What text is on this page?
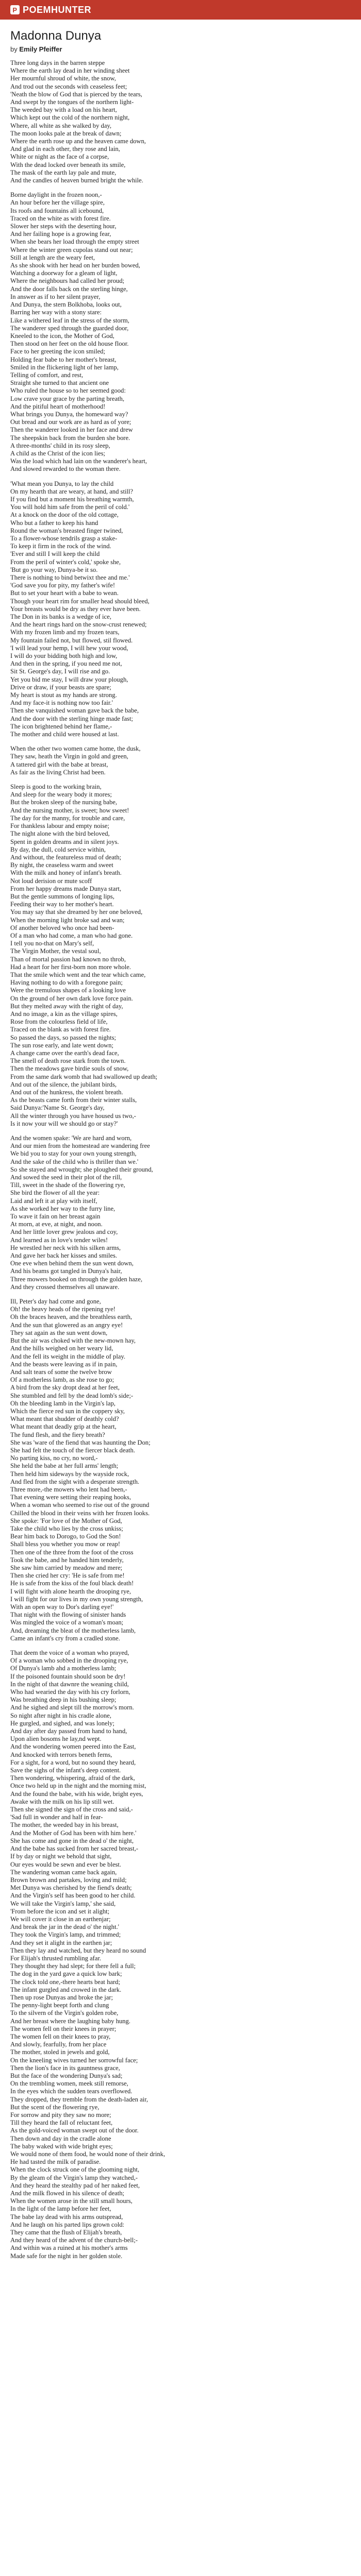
P POEMHUNTER
Madonna Dunya
by Emily Pfeiffer
Three long days in the barren steppe
Where the earth lay dead in her winding sheet
Her mournful shroud of white, the snow,
And trod out the seconds with ceaseless feet;
'Neath the blow of God that is pierced by the tears,
And swept by the tongues of the northern light-
The weeded bay with a load on his heart,
Which kept out the cold of the northern night,
Where, all white as she walked by day,
The moon looks pale at the break of dawn;
Where the earth rose up and the heaven came down,
And glad in each other, they rose and lain,
White or night as the face of a corpse,
With the dead locked over beneath its smile,
The mask of the earth lay pale and mute,
And the candles of heaven burned bright the while.
Borne daylight in the frozen noon,-
An hour before her the village spire,
Its roofs and fountains all icebound,
Traced on the white as with forest fire.
Slower her steps with the deserting hour,
And her failing hope is a growing fear,
When she bears her load through the empty street
Where the winter green cupolas stand out near;
Still at length are the weary feet,
As she shook with her head on her burden bowed,
Watching a doorway for a gleam of light,
Where the neighbours had called her proud;
And the door falls back on the sterling hinge,
In answer as if to her silent prayer,
And Dunya, the stern Bolkhoba, looks out,
Barring her way with a stony stare:
Like a withered leaf in the stress of the storm,
The wanderer sped through the guarded door,
Kneeled to the icon, the Mother of God,
Then stood on her feet on the old house floor.
Face to her greeting the icon smiled;
Holding fear babe to her mother's breast,
Smiled in the flickering light of her lamp,
Telling of comfort, and rest,
Straight she turned to that ancient one
Who ruled the house so to her seemed good:
Low crave your grace by the parting breath,
And the pitiful heart of motherhood!
What brings you Dunya, the homeward way?
Out bread and our work are as hard as of yore;
Then the wanderer looked in her face and drew
The sheepskin back from the burden she bore.
A three-months' child in its rosy sleep,
A child as the Christ of the icon lies;
Was the load which had lain on the wanderer's heart,
And slowed rewarded to the woman there.
'What mean you Dunya, to lay the child
On my hearth that are weary, at hand, and still?
If you find but a moment his breathing warmth,
You will hold him safe from the peril of cold.'
At a knock on the door of the old cottage,
Who but a father to keep his hand
Round the woman's breasted finger twined,
To a flower-whose tendrils grasp a stake-
To keep it firm in the rock of the wind.
'Ever and still I will keep the child
From the peril of winter's cold,' spoke she,
'But go your way, Dunya-be it so.
There is nothing to bind betwixt thee and me.'
'God save you for pity, my father's wife!
But to set your heart with a babe to wean.
Though your heart rim for smaller head should bleed,
Your breasts would be dry as they ever have been.
The Don in its banks is a wedge of ice,
And the heart rings hard on the snow-crust renewed;
With my frozen limb and my frozen tears,
My fountain failed not, but flowed, stil flowed.
'I will lead your hemp, I will hew your wood,
I will do your bidding both high and low,
And then in the spring, if you need me not,
Sit St. George's day, I will rise and go.
Yet you bid me stay, I will draw your plough,
Drive or draw, if your beasts are spare;
My heart is stout as my hands are strong.
And my face-it is nothing now too fair.'
Then she vanquished woman gave back the babe,
And the door with the sterling hinge made fast;
The icon brightened behind her flame,-
The mother and child were housed at last.
When the other two women came home, the dusk,
They saw, heath the Virgin in gold and green,
A tattered girl with the babe at breast,
As fair as the living Christ had been.
Sleep is good to the working brain,
And sleep for the weary body it mores;
But the broken sleep of the nursing babe,
And the nursing mother, is sweet; how sweet!
The day for the manny, for trouble and care,
For thankless labour and empty noise;
The night alone with the bird beloved,
Spent in golden dreams and in silent joys.
By day, the dull, cold service within,
And without, the featureless mud of death;
By night, the ceaseless warm and sweet
With the milk and honey of infant's breath.
Not loud derision or mute scoff
From her happy dreams made Dunya start,
But the gentle summons of longing lips,
Feeding their way to her mother's heart.
You may say that she dreamed by her one beloved,
When the morning light broke sad and wan;
Of another beloved who once had been-
Of a man who had come, a man who had gone.
I tell you no-that on Mary's self,
The Virgin Mother, the vestal soul,
Than of mortal passion had known no throb,
Had a heart for her first-born non more whole.
That the smile which went and the tear which came,
Having nothing to do with a foregone pain;
Were the tremulous shapes of a looking love
On the ground of her own dark love force pain.
But they melted away with the right of day,
And no image, a kin as the village spires,
Rose from the colourless field of life,
Traced on the blank as with forest fire.
So passed the days, so passed the nights;
The sun rose early, and late went down;
A change came over the earth's dead face,
The smell of death rose stark from the town.
Then the meadows gave birdie souls of snow,
From the same dark womb that had swallowed up death;
And out of the silence, the jubilant birds,
And out of the hunkress, the violent breath.
As the beasts came forth from their winter stalls,
Said Dunya:'Name St. George's day,
All the winter through you have housed us two,-
Is it now your will we should go or stay?'
And the women spake: 'We are hard and worn,
And our mien from the homestead are wandering free
We bid you to stay for your own young strength,
And the sake of the child who is thriller than we.'
So she stayed and wrought; she ploughed their ground,
And sowed the seed in their plot of the rill,
Till, sweet in the shade of the flowering rye,
She bird the flower of all the year:
Laid and left it at play with itself,
As she worked her way to the furry line,
To wave it fain on her breast again
At morn, at eve, at night, and noon.
And her little lover grew jealous and coy,
And learned as in love's tender wiles!
He wrestled her neck with his silken arms,
And gave her back her kisses and smiles.
One eve when behind them the sun went down,
And his beams got tangled in Dunya's hair,
Three mowers booked on through the golden haze,
And they crossed themselves all unaware.
Ill, Peter's day had come and gone,
Oh! the heavy heads of the ripening rye!
Oh the braces heaven, and the breathless earth,
And the sun that glowered as an angry eye!
They sat again as the sun went down,
But the air was choked with the new-mown hay,
And the hills weighed on her weary lid,
And the fell its weight in the middle of play.
And the beasts were leaving as if in pain,
And salt tears of some the twelve brow
Of a motherless lamb, as she rose to go;
A bird from the sky dropt dead at her feet,
She stumbled and fell by the dead lomb's side;-
Oh the bleeding lamb in the Virgin's lap,
Which the fierce red sun in the coppery sky,
What meant that shudder of deathly cold?
What meant that deadly grip at the heart,
The fund flesh, and the fiery breath?
She was 'ware of the fiend that was haunting the Don;
She had felt the touch of the fiercer black death.
No parting kiss, no cry, no word,-
She held the babe at her full arms' length;
Then held him sideways by the wayside rock,
And fled from the sight with a desperate strength.
Three more,-the mowers who lent had been,-
That evening were setting their reaping hooks,
When a woman who seemed to rise out of the ground
Chilled the blood in their veins with her frozen looks.
She spoke: 'For love of the Mother of God,
Take the child who lies by the cross unkiss;
Bear him back to Dorogo, to God the Son!
Shall bless you whether you mow or reap!
Then one of the three from the foot of the cross
Took the babe, and he handed him tenderly,
She saw him carried by meadow and mere;
Then she cried her cry: 'He is safe from me!
He is safe from the kiss of the foul black death!
I will fight with alone hearth the drooping rye,
I will fight for our lives in my own young strength,
With an open way to Dor's darling eye!'
That night with the flowing of sinister hands
Was mingled the voice of a woman's moan;
And, dreaming the bleat of the motherless lamb,
Came an infant's cry from a cradled stone.
That deem the voice of a woman who prayed,
Of a woman who sobbed in the drooping rye,
Of Dunya's lamb ahd a motherless lamb;
If the poisoned fountain should soon be dry!
In the night of that dawnre the weaning child,
Who had wearied the day with his cry forlorn,
Was breathing deep in his bushing sleep;
And he sighed and slept till the morrow's morn.
So night after night in his cradle alone,
He gurgled, and sighed, and was lonely;
And day after day passed from hand to hand,
Upon alien bosoms he lay,nd wept.
And the wondering women peered into the East,
And knocked with terrors beneth ferns,
For a sight, for a word, but no sound they heard,
Save the sighs of the infant's deep content.
Then wondering, whispering, afraid of the dark,
Once two held up in the night and the morning mist,
And the found the babe, with his wide, bright eyes,
Awake with the milk on his lip still wet.
Then she signed the sign of the cross and said,-
'Sad full in wonder and half in fear-
The mother, the weeded bay in his breast,
And the Mother of God has been with him here.'
She has come and gone in the dead o' the night,
And the babe has sucked from her sacred breast,-
If by day or night we behold that sight,
Our eyes would be sewn and ever be blest.
The wandering woman came back again,
Brown brown and partakes, loving and mild;
Met Dunya was cherished by the fiend's death;
And the Virgin's self has been good to her child.
We will take the Virgin's lamp,' she said,
'From before the icon and set it alight;
We will cover it close in an earthenjar;
And break the jar in the dead o' the night.'
They took the Virgin's lamp, and trimmed;
And they set it alight in the earthen jar;
Then they lay and watched, but they heard no sound
For Elijah's thrusted rumbling afar.
They thought they had slept; for there fell a full;
The dog in the yard gave a quick low bark;
The clock told one,-there hearts beat hard;
The infant gurgled and crowed in the dark.
Then up rose Dunyas and broke the jar;
The penny-light beept forth and clung
To the silvern of the Virgin's golden robe,
And her breast where the laughing baby hung.
The women fell on their knees in prayer;
The women fell on their knees to pray,
And slowly, fearfully, from her place
The mother, stoled in jewels and gold,
On the kneeling wives turned her sorrowful face;
Then the lion's face in its gauntness grace,
But the face of the wondering Dunya's sad;
On the trembling women, meek still remorse,
In the eyes which the sudden tears overflowed.
They dropped, they tremble from the death-laden air,
But the scent of the flowering rye,
For sorrow and pity they saw no more;
Till they heard the fall of reluctant feet,
As the gold-voiced woman swept out of the door.
Then down and day in the cradle alone
The baby waked with wide bright eyes;
We would none of them food, he would none of their drink,
He had tasted the milk of paradise.
When the clock struck one of the glooming night,
By the gleam of the Virgin's lamp they watched,-
And they heard the stealthy pad of her naked feet,
And the milk flowed in his silence of death;
When the women arose in the still small hours,
In the light of the lamp before her feet,
The babe lay dead with his arms outspread,
And he laugh on his parted lips grown cold:
They came that the flush of Elijah's breath,
And they heard of the advent of the church-bell;-
And within was a ruined at his mother's arms
Made safe for the night in her golden stole.
